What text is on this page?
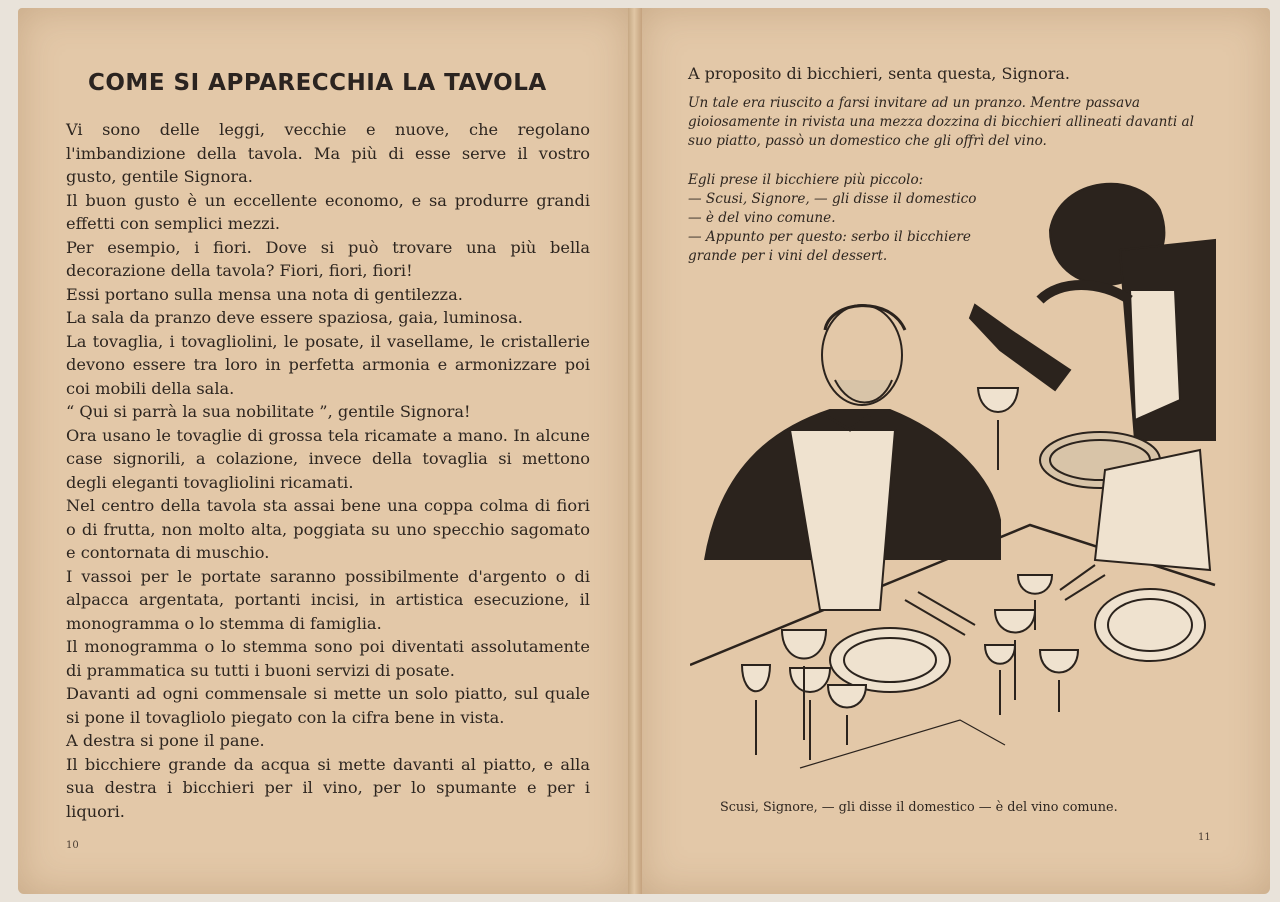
COME SI APPARECCHIA LA TAVOLA

Vi sono delle leggi, vecchie e nuove, che regolano l'imbandizione della tavola. Ma più di esse serve il vostro gusto, gentile Signora.

Il buon gusto è un eccellente economo, e sa produrre grandi effetti con semplici mezzi.

Per esempio, i fiori. Dove si può trovare una più bella decorazione della tavola? Fiori, fiori, fiori!

Essi portano sulla mensa una nota di gentilezza.

La sala da pranzo deve essere spaziosa, gaia, luminosa.

La tovaglia, i tovagliolini, le posate, il vasellame, le cristallerie devono essere tra loro in perfetta armonia e armonizzare poi coi mobili della sala.

“ Qui si parrà la sua nobilitate ”, gentile Signora!

Ora usano le tovaglie di grossa tela ricamate a mano. In alcune case signorili, a colazione, invece della tovaglia si mettono degli eleganti tovagliolini ricamati.

Nel centro della tavola sta assai bene una coppa colma di fiori o di frutta, non molto alta, poggiata su uno specchio sagomato e contornata di muschio.

I vassoi per le portate saranno possibilmente d'argento o di alpacca argentata, portanti incisi, in artistica esecuzione, il monogramma o lo stemma di famiglia.

Il monogramma o lo stemma sono poi diventati assolutamente di prammatica su tutti i buoni servizi di posate.

Davanti ad ogni commensale si mette un solo piatto, sul quale si pone il tovagliolo piegato con la cifra bene in vista.

A destra si pone il pane.

Il bicchiere grande da acqua si mette davanti al piatto, e alla sua destra i bicchieri per il vino, per lo spumante e per i liquori.

10
A proposito di bicchieri, senta questa, Signora.

Un tale era riuscito a farsi invitare ad un pranzo. Mentre passava gioiosamente in rivista una mezza dozzina di bicchieri allineati davanti al suo piatto, passò un domestico che gli offrì del vino.

Egli prese il bicchiere più piccolo:

— Scusi, Signore, — gli disse il domestico — è del vino comune.

— Appunto per questo: serbo il bicchiere grande per i vini del dessert.

Scusi, Signore, — gli disse il domestico — è del vino comune.
11
